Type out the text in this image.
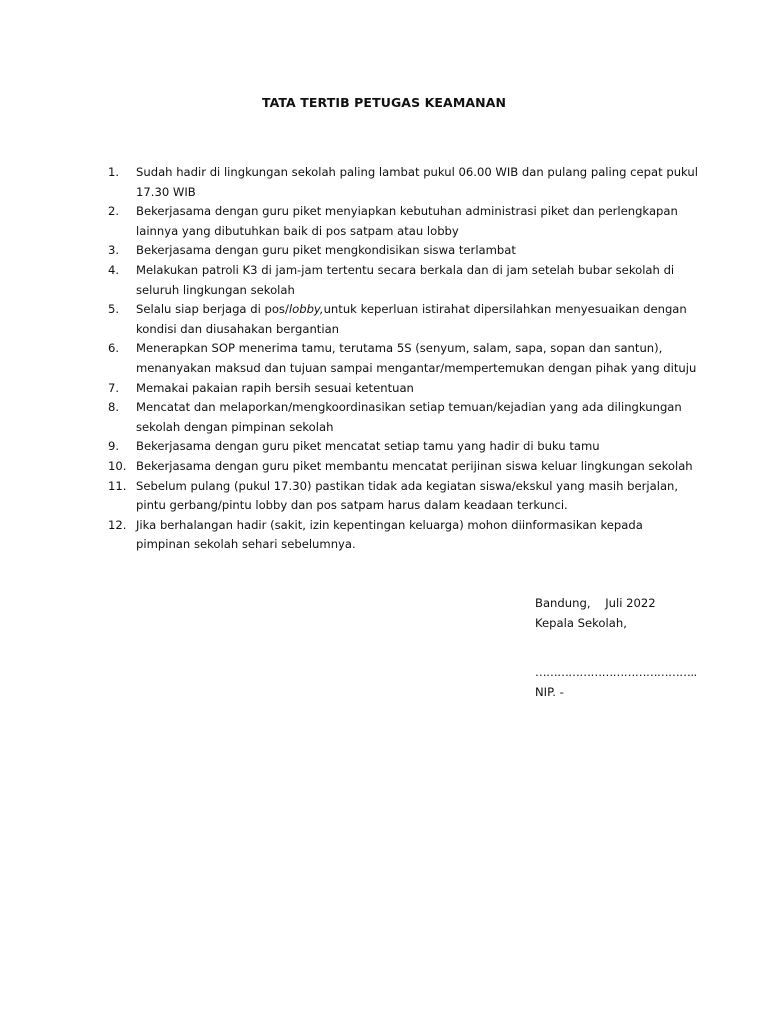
TATA TERTIB PETUGAS KEAMANAN
1.	Sudah hadir di lingkungan sekolah paling lambat pukul 06.00 WIB dan pulang paling cepat pukul
17.30 WIB
2.	Bekerjasama dengan guru piket menyiapkan kebutuhan administrasi piket dan perlengkapan
lainnya yang dibutuhkan baik di pos satpam atau lobby
3.	Bekerjasama dengan guru piket mengkondisikan siswa terlambat
4.	Melakukan patroli K3 di jam-jam tertentu secara berkala dan di jam setelah bubar sekolah di
seluruh lingkungan sekolah
5.	Selalu siap berjaga di pos/lobby,untuk keperluan istirahat dipersilahkan menyesuaikan dengan
kondisi dan diusahakan bergantian
6.	Menerapkan SOP menerima tamu, terutama 5S (senyum, salam, sapa, sopan dan santun),
menanyakan maksud dan tujuan sampai mengantar/mempertemukan dengan pihak yang dituju
7.	Memakai pakaian rapih bersih sesuai ketentuan
8.	Mencatat dan melaporkan/mengkoordinasikan setiap temuan/kejadian yang ada dilingkungan
sekolah dengan pimpinan sekolah
9.	Bekerjasama dengan guru piket mencatat setiap tamu yang hadir di buku tamu
10. Bekerjasama dengan guru piket membantu mencatat perijinan siswa keluar lingkungan sekolah
11. Sebelum pulang (pukul 17.30) pastikan tidak ada kegiatan siswa/ekskul yang masih berjalan,
pintu gerbang/pintu lobby dan pos satpam harus dalam keadaan terkunci.
12. Jika berhalangan hadir (sakit, izin kepentingan keluarga) mohon diinformasikan kepada
pimpinan sekolah sehari sebelumnya.
Bandung,    Juli 2022
Kepala Sekolah,
……………………………………..
NIP. -
